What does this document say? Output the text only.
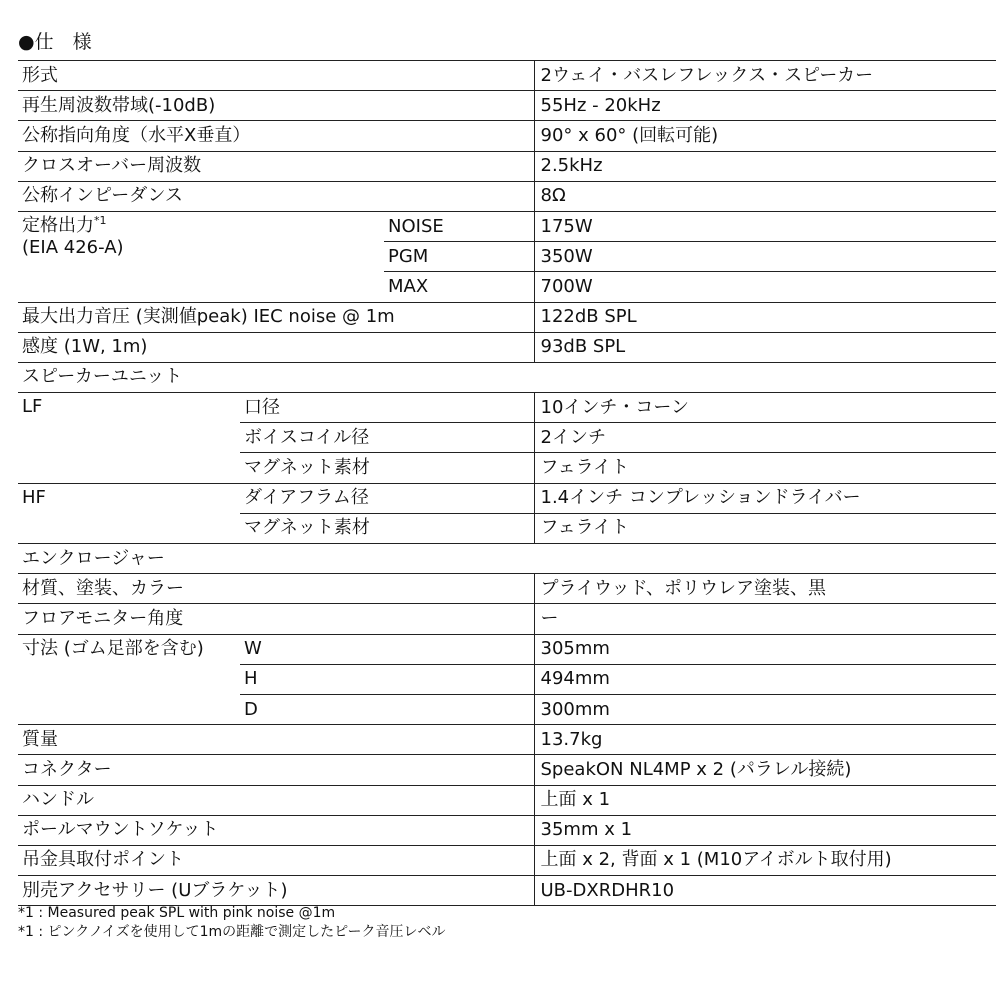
●仕　様
形式			2ウェイ・バスレフレックス・スピーカー
再生周波数帯域(-10dB)			55Hz - 20kHz
公称指向角度（水平X垂直）			90° x 60° (回転可能)
クロスオーバー周波数			2.5kHz
公称インピーダンス			8Ω

定格出力$^{*1}$
(EIA 426-A)		NOISE	175W
		PGM	350W
		MAX	700W
最大出力音圧 (実測値peak) IEC noise @ 1m			122dB SPL
感度 (1W, 1m)			93dB SPL
スピーカーユニット			
LF	口径		10インチ・コーン
	ボイスコイル径		2インチ
	マグネット素材		フェライト
HF	ダイアフラム径		1.4インチ コンプレッションドライバー
	マグネット素材		フェライト
エンクロージャー			
材質、塗装、カラー			プライウッド、ポリウレア塗装、黒
フロアモニター角度			ー
寸法 (ゴム足部を含む)	W		305mm
	H		494mm
	D		300mm
質量			13.7kg
コネクター			SpeakON NL4MP x 2 (パラレル接続)
ハンドル			上面 x 1
ポールマウントソケット			35mm x 1
吊金具取付ポイント			上面 x 2, 背面 x 1 (M10アイボルト取付用)
別売アクセサリー (Uブラケット)			UB-DXRDHR10
*1 : Measured peak SPL with pink noise @1m
*1 : ピンクノイズを使用して1mの距離で測定したピーク音圧レベル
